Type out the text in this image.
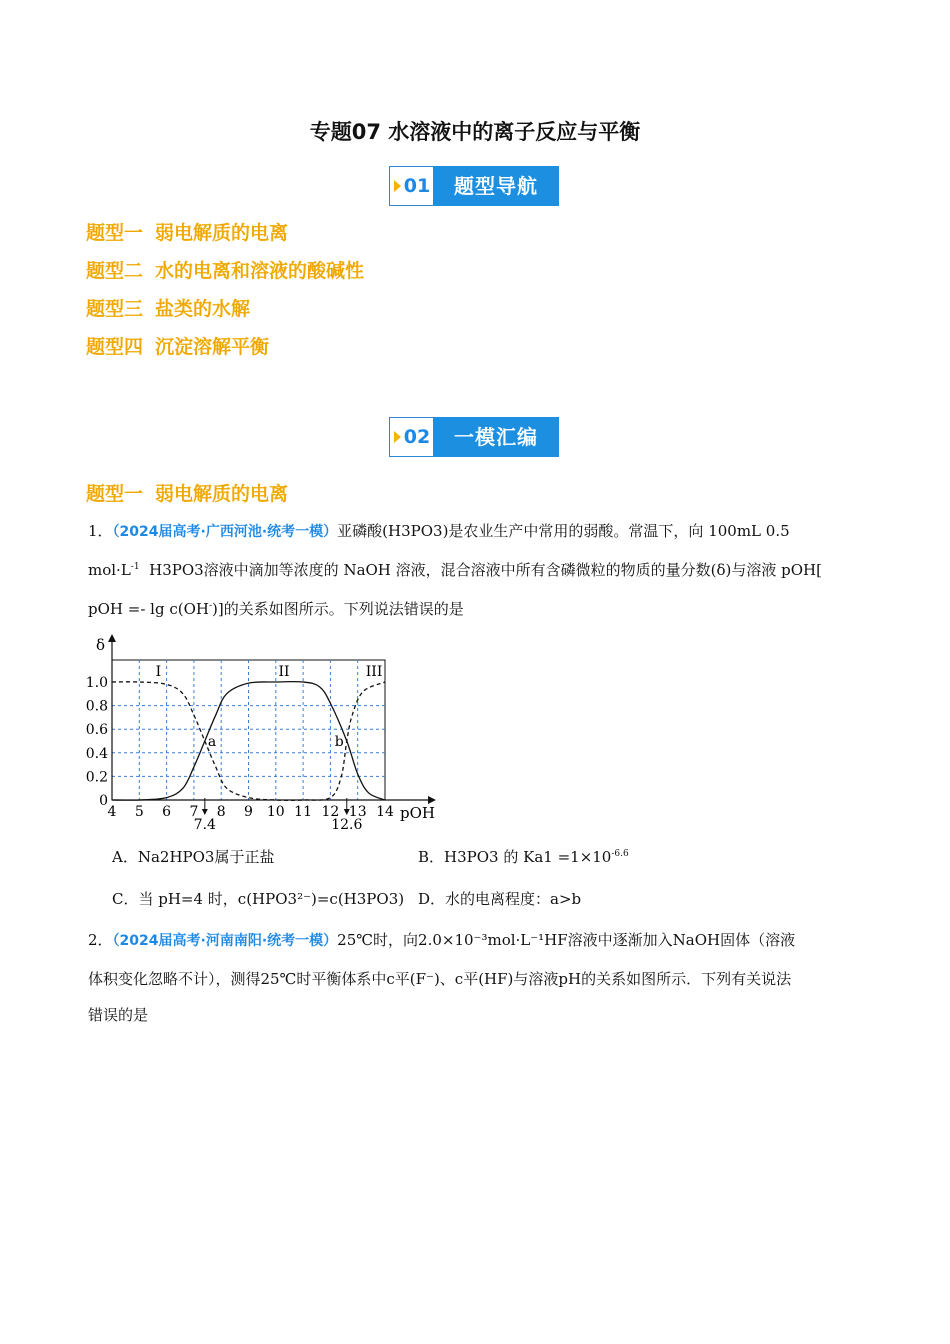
专题07 水溶液中的离子反应与平衡
01	题型导航
题型一 弱电解质的电离
题型二 水的电离和溶液的酸碱性
题型三 盐类的水解
题型四 沉淀溶解平衡
02	一模汇编
题型一 弱电解质的电离
1．（2024届高考·广西河池·统考一模）亚磷酸(H3PO3)是农业生产中常用的弱酸。常温下，向 100mL 0.5
$mol\cdot L^{-1}$ H3PO3溶液中滴加等浓度的 NaOH 溶液，混合溶液中所有含磷微粒的物质的量分数(δ)与溶液 pOH[
pOH =- lg c(OH-)]的关系如图所示。下列说法错误的是
4 5 6 7 8 9 10 11 12 13 14
0
0.2
0.4
0.6
0.8
1.0
pOH
δ
I	II	III
a	b
7.4	12.6
A．Na2HPO3属于正盐	B．H3PO3 的 $Ka1 =1\times 10^{-6.6}$
C．当 pH=4 时，c(HPO3²⁻)=c(H3PO3) D．水的电离程度：a>b
2．（2024届高考·河南南阳·统考一模）25℃时，向2.0×10⁻³mol·L⁻¹HF溶液中逐渐加入NaOH固体（溶液
体积变化忽略不计），测得25℃时平衡体系中c平(F⁻)、c平(HF)与溶液pH的关系如图所示．下列有关说法
错误的是
